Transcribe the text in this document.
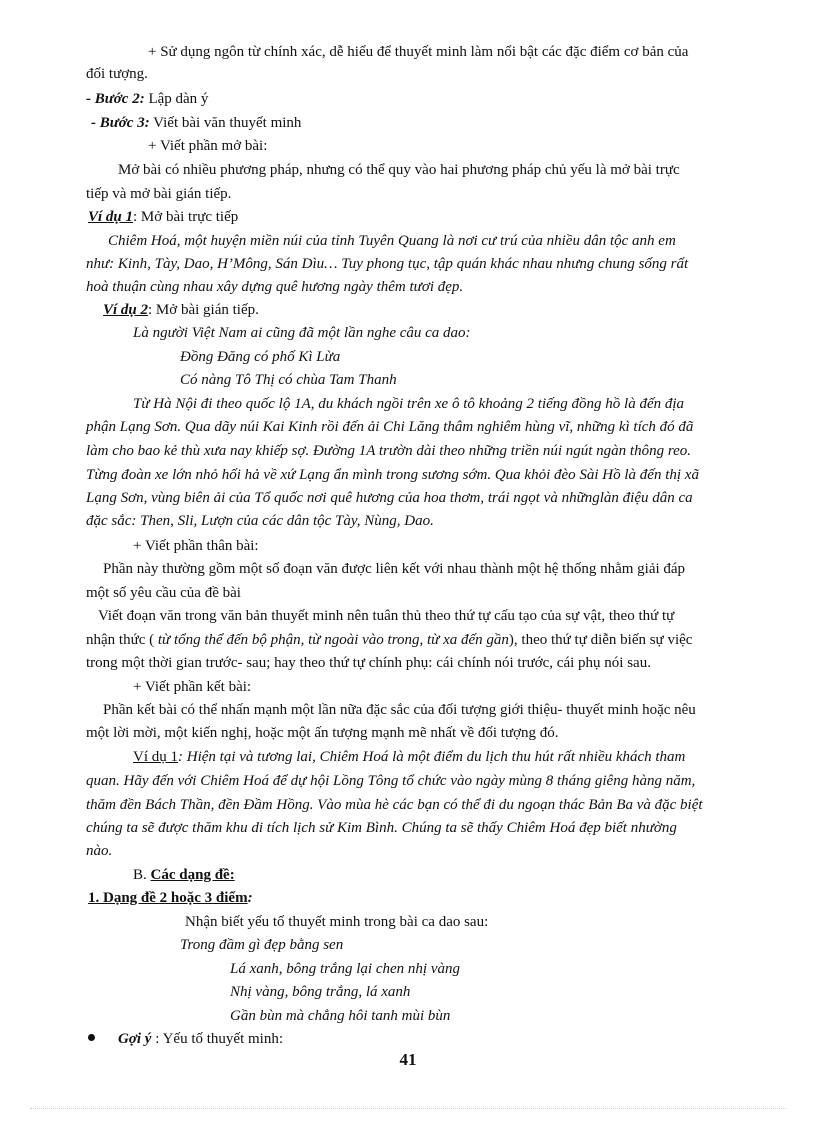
+ Sử dụng ngôn từ chính xác, dễ hiểu để thuyết minh làm nổi bật các đặc điểm cơ bản của
đối tượng.
- Bước 2: Lập dàn ý
- Bước 3: Viết bài văn thuyết minh
+ Viết phần mở bài:
Mở bài có nhiều phương pháp, nhưng có thể quy vào hai phương pháp chủ yếu là mở bài trực
tiếp và mở bài gián tiếp.
Ví dụ 1: Mở bài trực tiếp
Chiêm Hoá, một huyện miền núi của tỉnh Tuyên Quang là nơi cư trú của nhiều dân tộc anh em
như: Kinh, Tày, Dao, H’Mông, Sán Dìu… Tuy phong tục, tập quán khác nhau nhưng chung sống rất
hoà thuận cùng nhau xây dựng quê hương ngày thêm tươi đẹp.
Ví dụ 2: Mở bài gián tiếp.
Là người Việt Nam ai cũng đã một lần nghe câu ca dao:
Đồng Đăng có phố Kì Lừa
Có nàng Tô Thị có chùa Tam Thanh
Từ Hà Nội đi theo quốc lộ 1A, du khách ngồi trên xe ô tô khoảng 2 tiếng đồng hồ là đến địa
phận Lạng Sơn. Qua dãy núi Kai Kinh rồi đến ải Chi Lăng thâm nghiêm hùng vĩ, những kì tích đó đã
làm cho bao kẻ thù xưa nay khiếp sợ. Đường 1A trườn dài theo những triền núi ngút ngàn thông reo.
Từng đoàn xe lớn nhỏ hối hả về xứ Lạng ẩn mình trong sương sớm. Qua khỏi đèo Sài Hồ là đến thị xã
Lạng Sơn, vùng biên ải của Tổ quốc nơi quê hương của hoa thơm, trái ngọt và nhữnglàn điệu dân ca
đặc sắc: Then, Sli, Lượn của các dân tộc Tày, Nùng, Dao.
+ Viết phần thân bài:
Phần này thường gồm một số đoạn văn được liên kết với nhau thành một hệ thống nhằm giải đáp
một số yêu cầu của đề bài
Viết đoạn văn trong văn bản thuyết minh nên tuân thủ theo thứ tự cấu tạo của sự vật, theo thứ tự
nhận thức ( từ tổng thể đến bộ phận, từ ngoài vào trong, từ xa đến gần), theo thứ tự diễn biến sự việc
trong một thời gian trước- sau; hay theo thứ tự chính phụ: cái chính nói trước, cái phụ nói sau.
+ Viết phần kết bài:
Phần kết bài có thể nhấn mạnh một lần nữa đặc sắc của đối tượng giới thiệu- thuyết minh hoặc nêu
một lời mời, một kiến nghị, hoặc một ấn tượng mạnh mẽ nhất về đối tượng đó.
Ví dụ 1: Hiện tại và tương lai, Chiêm Hoá là một điểm du lịch thu hút rất nhiều khách tham
quan. Hãy đến với Chiêm Hoá để dự hội Lồng Tông tổ chức vào ngày mùng 8 tháng giêng hàng năm,
thăm đền Bách Thần, đền Đầm Hồng. Vào mùa hè các bạn có thể đi du ngoạn thác Bản Ba và đặc biệt
chúng ta sẽ được thăm khu di tích lịch sử Kim Bình. Chúng ta sẽ thấy Chiêm Hoá đẹp biết nhường
nào.
B. Các dạng đề:
1. Dạng đề 2 hoặc 3 điểm:
Nhận biết yếu tố thuyết minh trong bài ca dao sau:
Trong đầm gì đẹp bằng sen
Lá xanh, bông trắng lại chen nhị vàng
Nhị vàng, bông trắng, lá xanh
Gần bùn mà chẳng hôi tanh mùi bùn
Gợi ý : Yếu tố thuyết minh:
41
